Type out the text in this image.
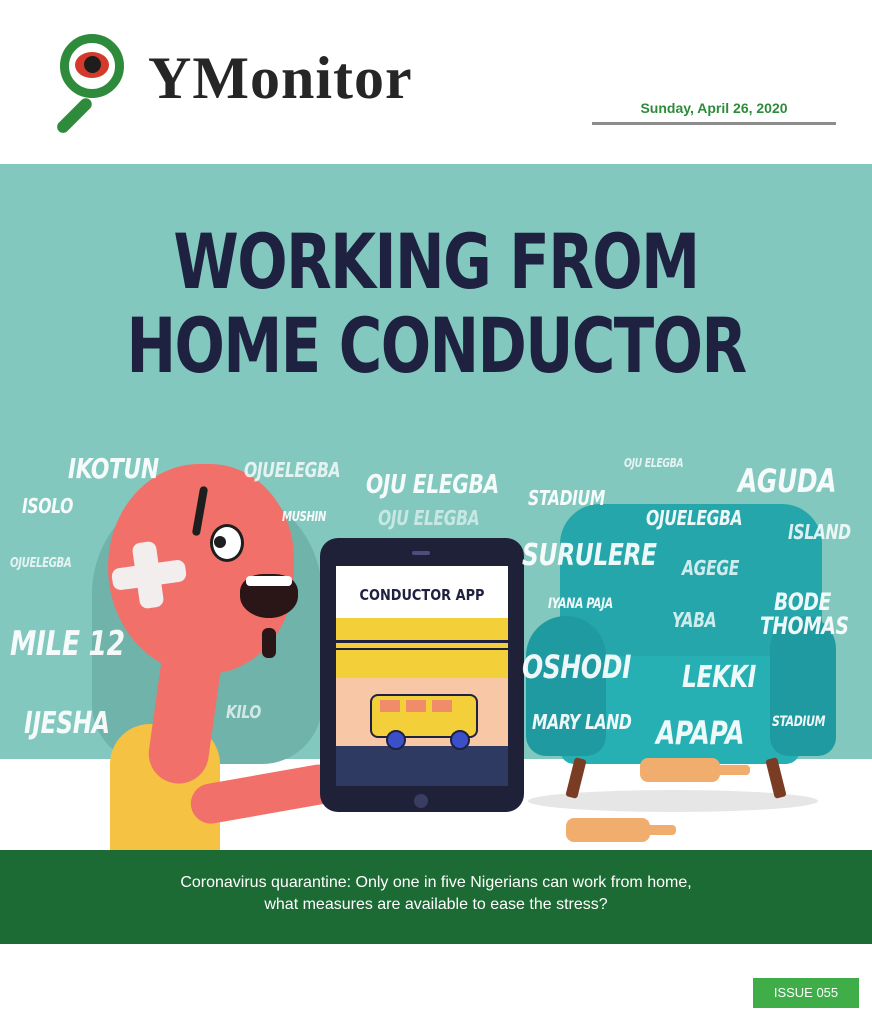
YMonitor	Sunday, April 26, 2020
WORKING FROM
HOME CONDUCTOR
CONDUCTOR APP
IKOTUN
ISOLO
OJUELEGBA
MILE 12
IJESHA
OJUELEGBA
MUSHIN
OJU ELEGBA
OJU ELEGBA
KILO
OJU ELEGBA AGUDA
STADIUM
OJUELEGBA
ISLAND
SURULERE AGEGE
IYANA PAJA
YABA
BODE
THOMAS
OSHODI LEKKI
MARY LAND APAPA STADIUM
Coronavirus quarantine: Only one in five Nigerians can work from home,
what measures are available to ease the stress?
ISSUE 055
